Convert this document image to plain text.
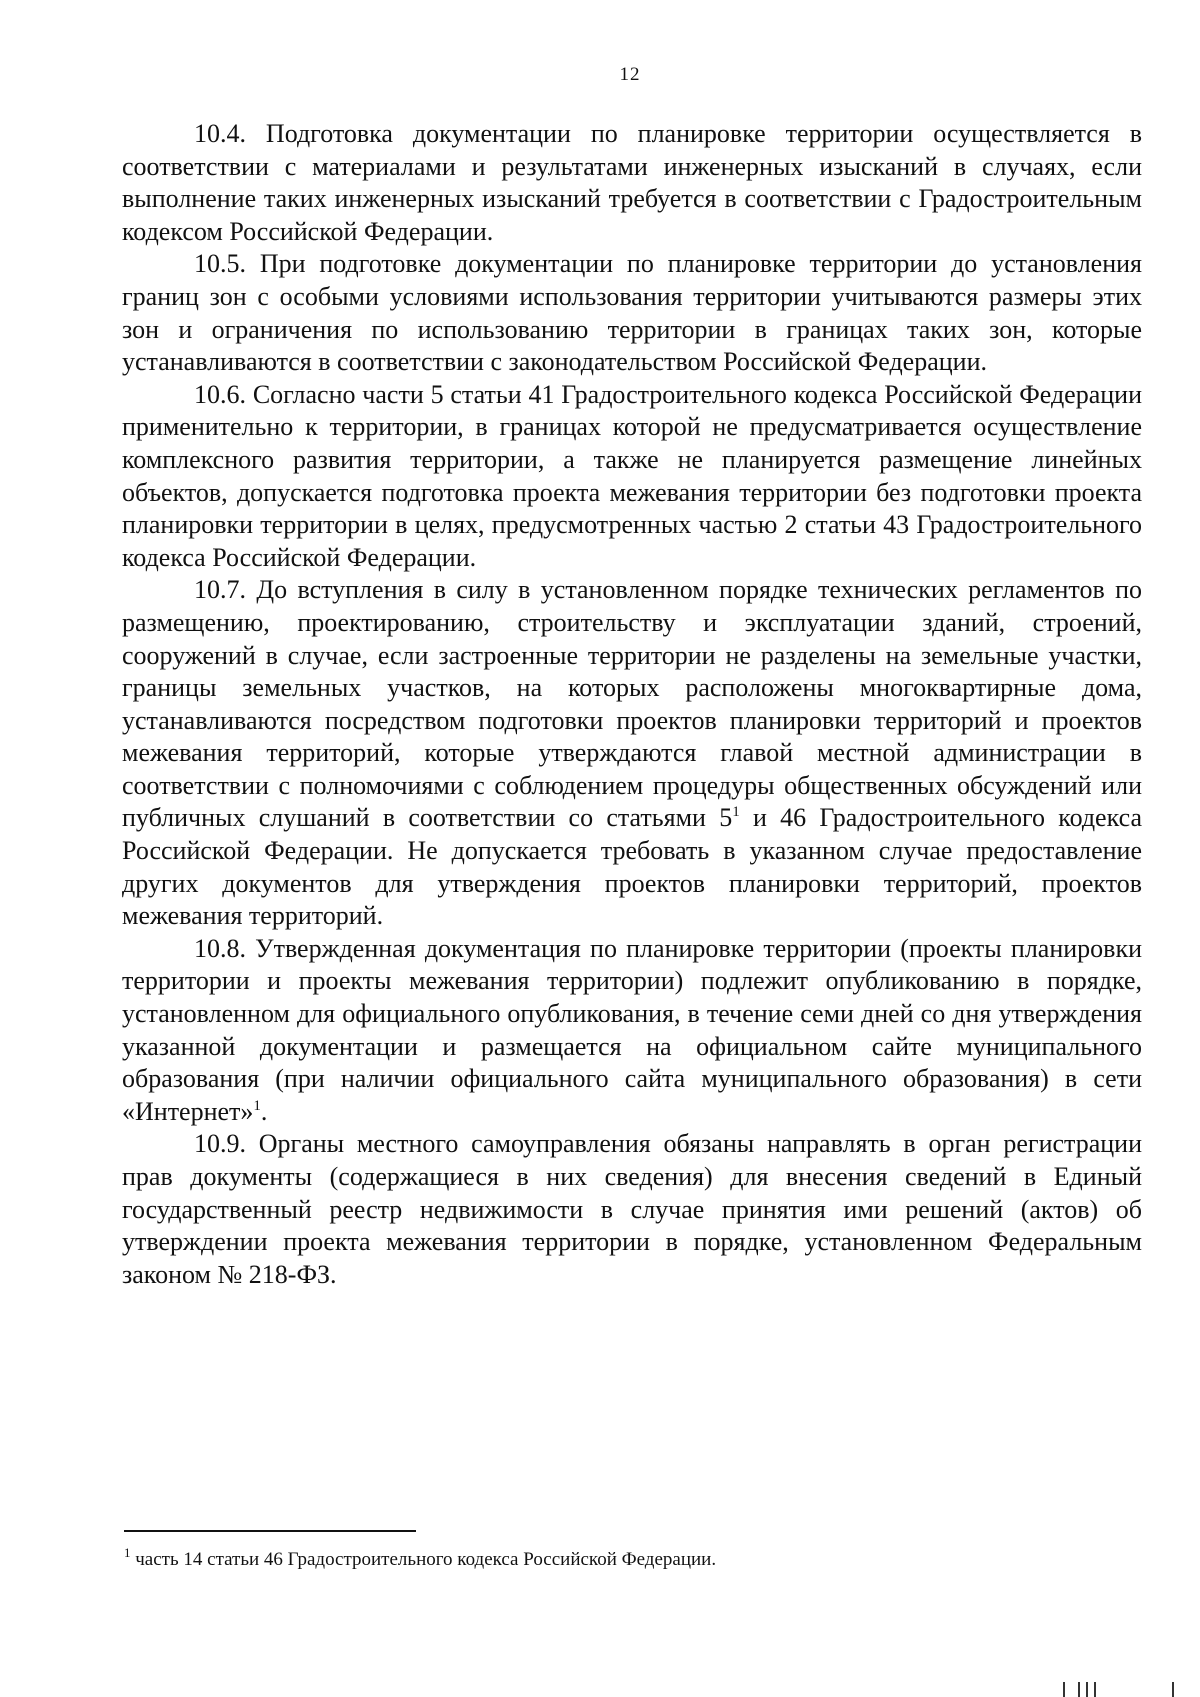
12

10.4. Подготовка документации по планировке территории осуществляется в соответствии с материалами и результатами инженерных изысканий в случаях, если выполнение таких инженерных изысканий требуется в соответствии с Градостроительным кодексом Российской Федерации.

10.5. При подготовке документации по планировке территории до установления границ зон с особыми условиями использования территории учитываются размеры этих зон и ограничения по использованию территории в границах таких зон, которые устанавливаются в соответствии с законодательством Российской Федерации.

10.6. Согласно части 5 статьи 41 Градостроительного кодекса Российской Федерации применительно к территории, в границах которой не предусматривается осуществление комплексного развития территории, а также не планируется размещение линейных объектов, допускается подготовка проекта межевания территории без подготовки проекта планировки территории в целях, предусмотренных частью 2 статьи 43 Градостроительного кодекса Российской Федерации.

10.7. До вступления в силу в установленном порядке технических регламентов по размещению, проектированию, строительству и эксплуатации зданий, строений, сооружений в случае, если застроенные территории не разделены на земельные участки, границы земельных участков, на которых расположены многоквартирные дома, устанавливаются посредством подготовки проектов планировки территорий и проектов межевания территорий, которые утверждаются главой местной администрации в соответствии с полномочиями с соблюдением процедуры общественных обсуждений или публичных слушаний в соответствии со статьями $5^1$ и 46 Градостроительного кодекса Российской Федерации. Не допускается требовать в указанном случае предоставление других документов для утверждения проектов планировки территорий, проектов межевания территорий.

10.8. Утвержденная документация по планировке территории (проекты планировки территории и проекты межевания территории) подлежит опубликованию в порядке, установленном для официального опубликования, в течение семи дней со дня утверждения указанной документации и размещается на официальном сайте муниципального образования (при наличии официального сайта муниципального образования) в сети «Интернет»$^1$.

10.9. Органы местного самоуправления обязаны направлять в орган регистрации прав документы (содержащиеся в них сведения) для внесения сведений в Единый государственный реестр недвижимости в случае принятия ими решений (актов) об утверждении проекта межевания территории в порядке, установленном Федеральным законом № 218-ФЗ.

$^1$ часть 14 статьи 46 Градостроительного кодекса Российской Федерации.
